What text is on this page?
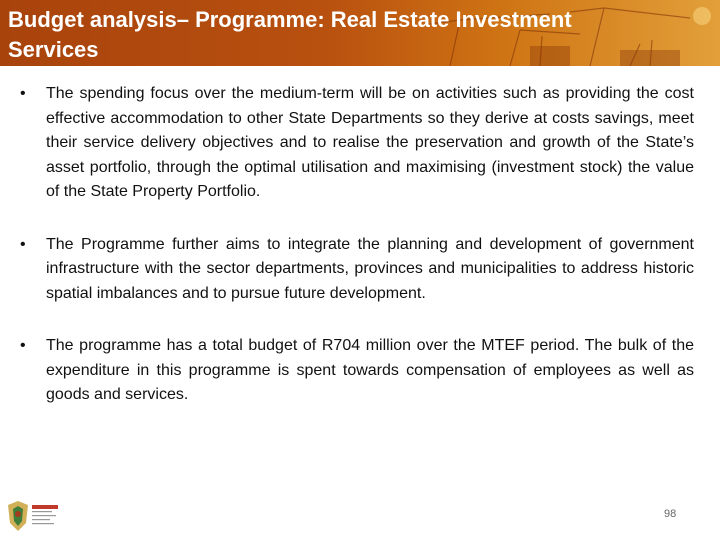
Budget analysis– Programme: Real Estate Investment Services
• The spending focus over the medium-term will be on activities such as providing the cost effective accommodation to other State Departments so they derive at costs savings, meet their service delivery objectives and to realise the preservation and growth of the State’s asset portfolio, through the optimal utilisation and maximising (investment stock) the value of the State Property Portfolio.
• The Programme further aims to integrate the planning and development of government infrastructure with the sector departments, provinces and municipalities to address historic spatial imbalances and to pursue future development.
• The programme has a total budget of R704 million over the MTEF period. The bulk of the expenditure in this programme is spent towards compensation of employees as well as goods and services.
98
